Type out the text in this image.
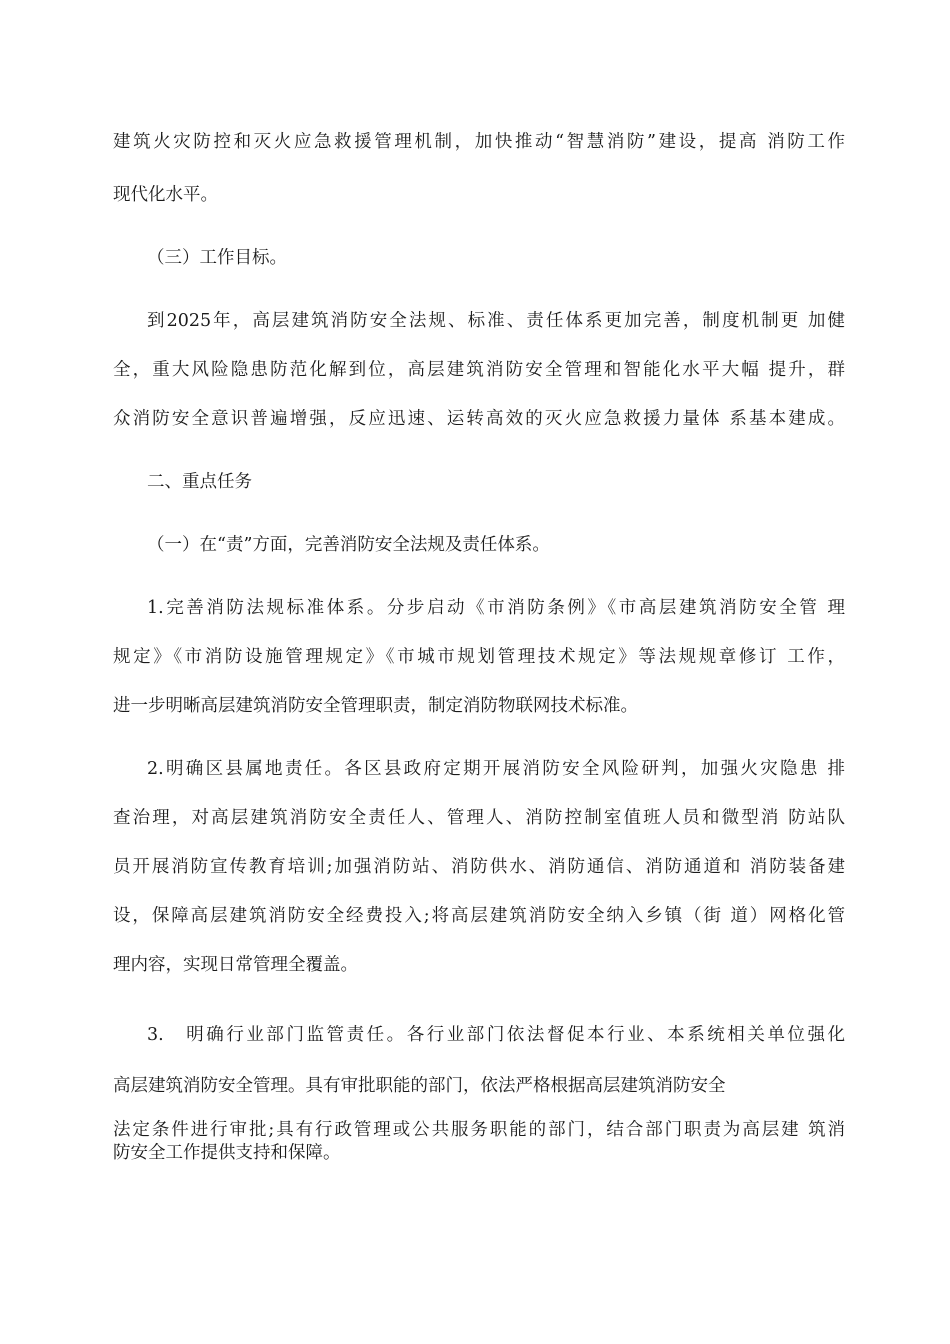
建筑火灾防控和灭火应急救援管理机制，加快推动“智慧消防”建设，提高 消防工作
现代化水平。
（三）工作目标。
到2025年，高层建筑消防安全法规、标准、责任体系更加完善，制度机制更 加健
全，重大风险隐患防范化解到位，高层建筑消防安全管理和智能化水平大幅 提升，群
众消防安全意识普遍增强，反应迅速、运转高效的灭火应急救援力量体 系基本建成。
二、重点任务
（一）在“责”方面，完善消防安全法规及责任体系。
1.完善消防法规标准体系。分步启动《市消防条例》《市高层建筑消防安全管 理
规定》《市消防设施管理规定》《市城市规划管理技术规定》等法规规章修订 工作，
进一步明晰高层建筑消防安全管理职责，制定消防物联网技术标准。
2.明确区县属地责任。各区县政府定期开展消防安全风险研判，加强火灾隐患 排
查治理，对高层建筑消防安全责任人、管理人、消防控制室值班人员和微型消 防站队
员开展消防宣传教育培训;加强消防站、消防供水、消防通信、消防通道和 消防装备建
设，保障高层建筑消防安全经费投入;将高层建筑消防安全纳入乡镇（街 道）网格化管
理内容，实现日常管理全覆盖。
3.　明确行业部门监管责任。各行业部门依法督促本行业、本系统相关单位强化
高层建筑消防安全管理。具有审批职能的部门，依法严格根据高层建筑消防安全
法定条件进行审批;具有行政管理或公共服务职能的部门，结合部门职责为高层建 筑消
防安全工作提供支持和保障。
